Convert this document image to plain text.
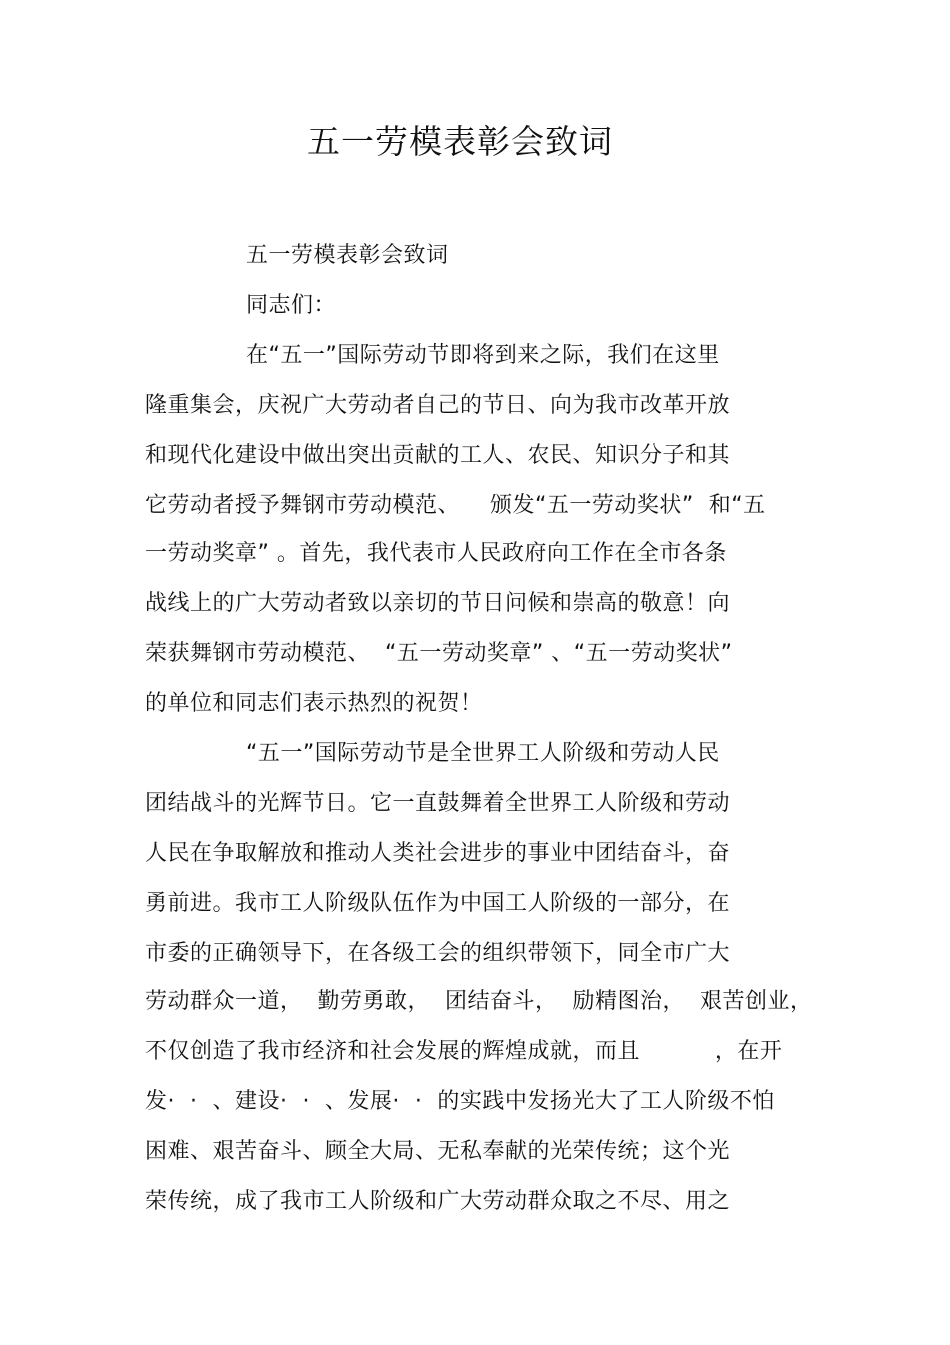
五一劳模表彰会致词
五一劳模表彰会致词
同志们：
在“五一”国际劳动节即将到来之际，我们在这里
隆重集会，庆祝广大劳动者自己的节日、向为我市改革开放
和现代化建设中做出突出贡献的工人、农民、知识分子和其
它劳动者授予舞钢市劳动模范、    颁发“五一劳动奖状”  和“五
一劳动奖章” 。首先，我代表市人民政府向工作在全市各条
战线上的广大劳动者致以亲切的节日问候和崇高的敬意！向
荣获舞钢市劳动模范、  “五一劳动奖章” 、“五一劳动奖状”
的单位和同志们表示热烈的祝贺！
“五一”国际劳动节是全世界工人阶级和劳动人民
团结战斗的光辉节日。它一直鼓舞着全世界工人阶级和劳动
人民在争取解放和推动人类社会进步的事业中团结奋斗，奋
勇前进。我市工人阶级队伍作为中国工人阶级的一部分，在
市委的正确领导下，在各级工会的组织带领下，同全市广大
劳动群众一道，  勤劳勇敢，  团结奋斗，  励精图治，  艰苦创业，
不仅创造了我市经济和社会发展的辉煌成就，而且          ，在开
发·  ·  、建设·  ·  、发展·  ·  的实践中发扬光大了工人阶级不怕
困难、艰苦奋斗、顾全大局、无私奉献的光荣传统；这个光
荣传统，成了我市工人阶级和广大劳动群众取之不尽、用之
